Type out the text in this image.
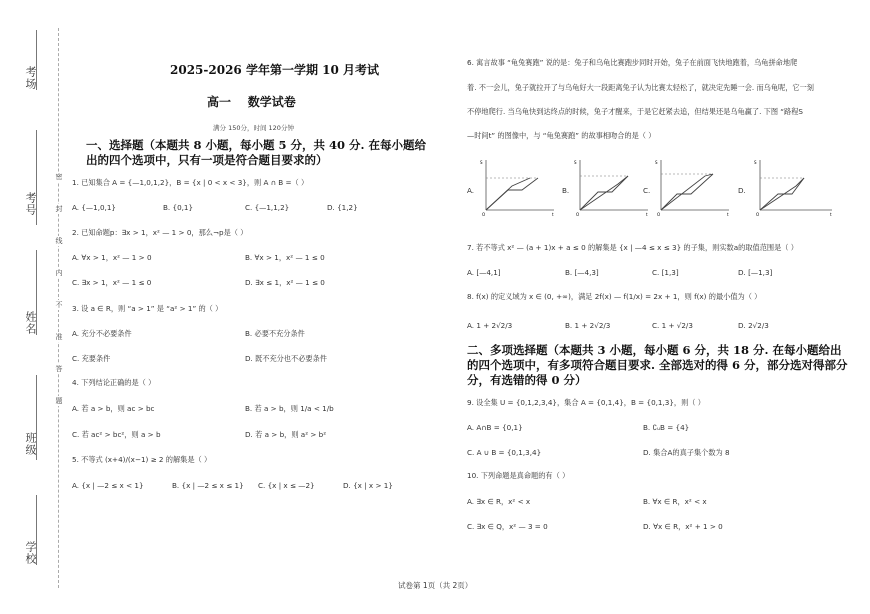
考场
考号
姓名
班级
学校
密
封
线
内
不
准
答
题
2025-2026 学年第一学期 10 月考试
高一    数学试卷
满分 150分，时间 120分钟
一、选择题（本题共 8 小题，每小题 5 分，共 40 分. 在每小题给出的四个选项中，只有一项是符合题目要求的）
1. 已知集合 A = {—1,0,1,2}，B = {x | 0 < x < 3}，则 A ∩ B =（ ）
A. {—1,0,1}	B. {0,1}	C. {—1,1,2}	D. {1,2}
2. 已知命题p：∃x > 1，x² — 1 > 0，那么¬p是（ ）
A. ∀x > 1，x² — 1 > 0	B. ∀x > 1，x² — 1 ≤ 0
C. ∃x > 1，x² — 1 ≤ 0	D. ∃x ≤ 1，x² — 1 ≤ 0
3. 设 a ∈ R，则 “a > 1” 是 “a² > 1” 的（ ）
A. 充分不必要条件	B. 必要不充分条件
C. 充要条件	D. 既不充分也不必要条件
4. 下列结论正确的是（ ）
A. 若 a > b，则 ac > bc	B. 若 a > b，则 1/a < 1/b
C. 若 ac² > bc²，则 a > b	D. 若 a > b，则 a² > b²
5. 不等式 (x+4)/(x−1) ≥ 2 的解集是（ ）
A. {x | —2 ≤ x < 1}	B. {x | —2 ≤ x ≤ 1} C. {x | x ≤ —2}	D. {x | x > 1}
6. 寓言故事 “龟兔赛跑” 说的是：兔子和乌龟比赛跑步同时开始，兔子在前面飞快地跑着，乌龟拼命地爬
着. 不一会儿，兔子就拉开了与乌龟好大一段距离兔子认为比赛太轻松了，就决定先睡一会. 而乌龟呢，它一刻
不停地爬行. 当乌龟快到达终点的时候，兔子才醒来，于是它赶紧去追，但结果还是乌龟赢了. 下图 “路程S
—时间t” 的图像中，与 “龟兔赛跑” 的故事相吻合的是（ ）
A.
O	t
S
B.
O	t
S
C.
O	t
S
D.
O	t
S
7. 若不等式 x² — (a + 1)x + a ≤ 0 的解集是 {x | —4 ≤ x ≤ 3} 的子集，则实数a的取值范围是（ ）
A. [—4,1]	B. [—4,3]	C. [1,3]	D. [—1,3]
8. f(x) 的定义域为 x ∈ (0, +∞)，满足 2f(x) — f(1/x) = 2x + 1，则 f(x) 的最小值为（ ）
A. 1 + 2√2/3	B. 1 + 2√2/3	C. 1 + √2/3	D. 2√2/3
二、多项选择题（本题共 3 小题，每小题 6 分，共 18 分. 在每小题给出的四个选项中，有多项符合题目要求. 全部选对的得 6 分，部分选对得部分分，有选错的得 0 分）
9. 设全集 U = {0,1,2,3,4}，集合 A = {0,1,4}，B = {0,1,3}，则（ ）
A. A∩B = {0,1}	B. ∁ᵤB = {4}
C. A ∪ B = {0,1,3,4}	D. 集合A的真子集个数为 8
10. 下列命题是真命题的有（ ）
A. ∃x ∈ R，x² < x	B. ∀x ∈ R，x² < x
C. ∃x ∈ Q，x² — 3 = 0	D. ∀x ∈ R，x² + 1 > 0
试卷第 1页（共 2页）
